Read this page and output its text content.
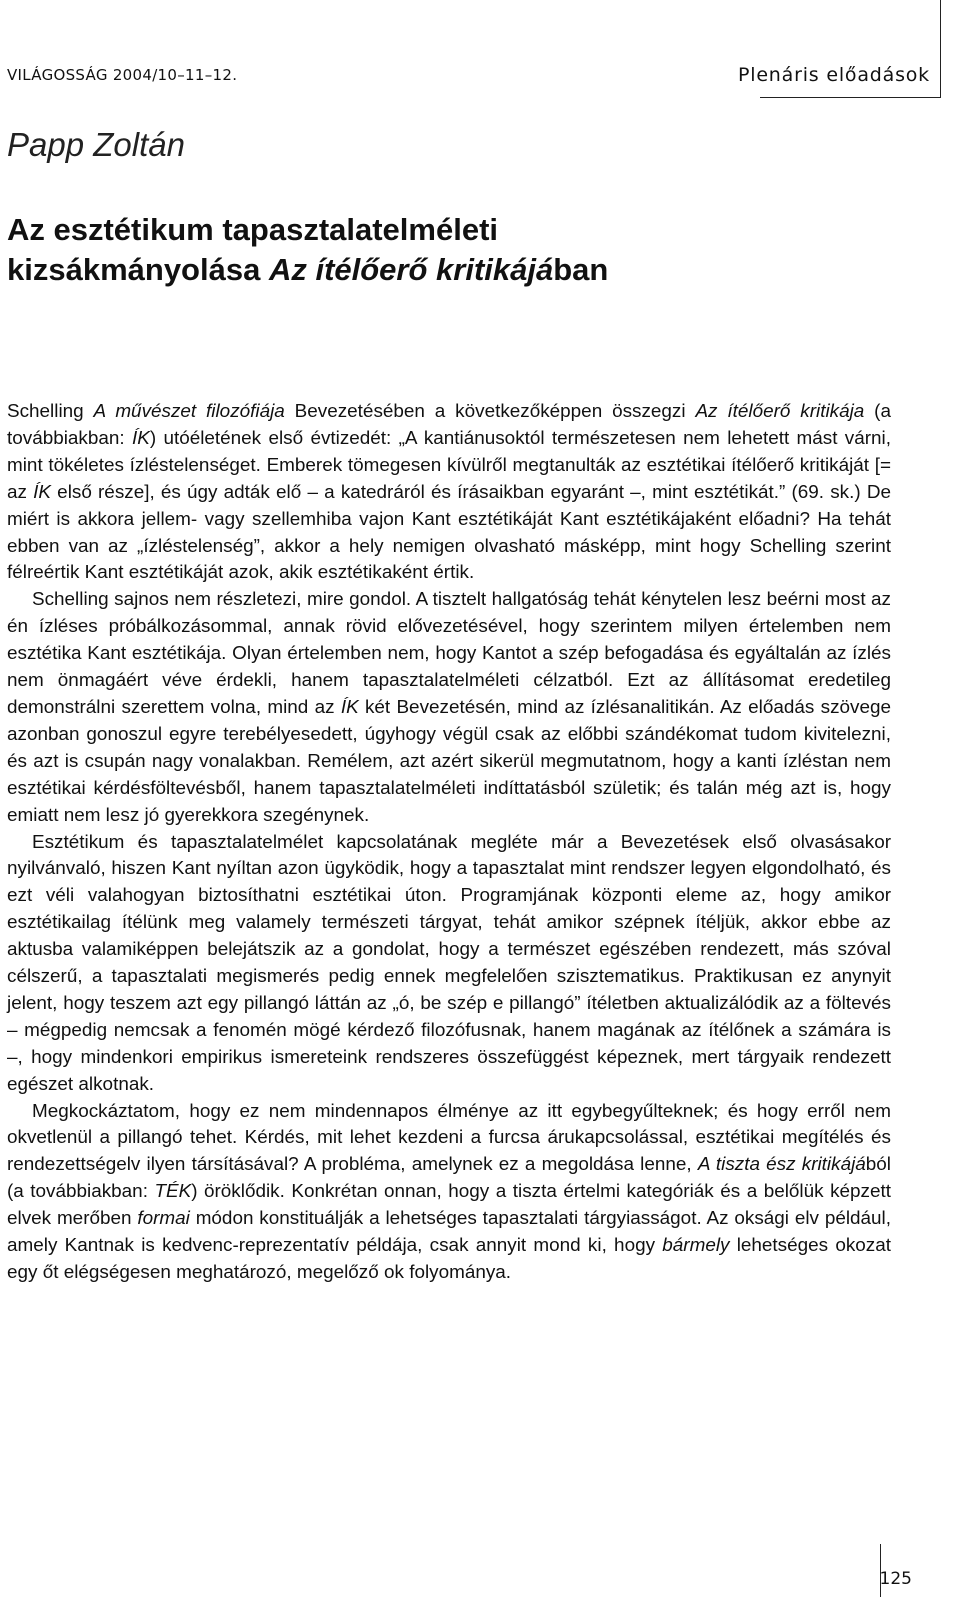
VILÁGOSSÁG 2004/10–11–12.	Plenáris előadások
Papp Zoltán
Az esztétikum tapasztalatelméleti
kizsákmányolása Az ítélőerő kritikájában

Schelling A művészet filozófiája Bevezetésében a következőképpen összegzi Az ítélőerő kritikája (a továbbiakban: ÍK) utóéletének első évtizedét: „A kantiánusoktól természetesen nem lehetett mást várni, mint tökéletes ízléstelenséget. Emberek tömegesen kívülről megtanulták az esztétikai ítélőerő kritikáját [= az ÍK első része], és úgy adták elő – a katedráról és írásaikban egyaránt –, mint esztétikát.” (69. sk.) De miért is akkora jellem- vagy szellemhiba vajon Kant esztétikáját Kant esztétikájaként előadni? Ha tehát ebben van az „ízléstelenség”, akkor a hely nemigen olvasható másképp, mint hogy Schelling szerint félreértik Kant esztétikáját azok, akik esztétikaként értik.

Schelling sajnos nem részletezi, mire gondol. A tisztelt hallgatóság tehát kénytelen lesz beérni most az én ízléses próbálkozásommal, annak rövid elővezetésével, hogy szerintem milyen értelemben nem esztétika Kant esztétikája. Olyan értelemben nem, hogy Kantot a szép befogadása és egyáltalán az ízlés nem önmagáért véve érdekli, hanem tapasztalatelméleti célzatból. Ezt az állításomat eredetileg demonstrálni szerettem volna, mind az ÍK két Bevezetésén, mind az ízlésanalitikán. Az előadás szövege azonban gonoszul egyre terebélyesedett, úgyhogy végül csak az előbbi szándékomat tudom kivitelezni, és azt is csupán nagy vonalakban. Remélem, azt azért sikerül megmutatnom, hogy a kanti ízléstan nem esztétikai kérdésföltevésből, hanem tapasztalatelméleti indíttatásból születik; és talán még azt is, hogy emiatt nem lesz jó gyerekkora szegénynek.

Esztétikum és tapasztalatelmélet kapcsolatának megléte már a Bevezetések első olvasásakor nyilvánvaló, hiszen Kant nyíltan azon ügyködik, hogy a tapasztalat mint rendszer legyen elgondolható, és ezt véli valahogyan biztosíthatni esztétikai úton. Programjának központi eleme az, hogy amikor esztétikailag ítélünk meg valamely természeti tárgyat, tehát amikor szépnek ítéljük, akkor ebbe az aktusba valamiképpen belejátszik az a gondolat, hogy a természet egészében rendezett, más szóval célszerű, a tapasztalati megismerés pedig ennek megfelelően szisztematikus. Praktikusan ez anynyit jelent, hogy teszem azt egy pillangó láttán az „ó, be szép e pillangó” ítéletben aktualizálódik az a föltevés – mégpedig nemcsak a fenomén mögé kérdező filozófusnak, hanem magának az ítélőnek a számára is –, hogy mindenkori empirikus ismereteink rendszeres összefüggést képeznek, mert tárgyaik rendezett egészet alkotnak.

Megkockáztatom, hogy ez nem mindennapos élménye az itt egybegyűlteknek; és hogy erről nem okvetlenül a pillangó tehet. Kérdés, mit lehet kezdeni a furcsa árukapcsolással, esztétikai megítélés és rendezettségelv ilyen társításával? A probléma, amelynek ez a megoldása lenne, A tiszta ész kritikájából (a továbbiakban: TÉK) öröklődik. Konkrétan onnan, hogy a tiszta értelmi kategóriák és a belőlük képzett elvek merőben formai módon konstituálják a lehetséges tapasztalati tárgyiasságot. Az oksági elv például, amely Kantnak is kedvenc-reprezentatív példája, csak annyit mond ki, hogy bármely lehetséges okozat egy őt elégségesen meghatározó, megelőző ok folyománya.

125
